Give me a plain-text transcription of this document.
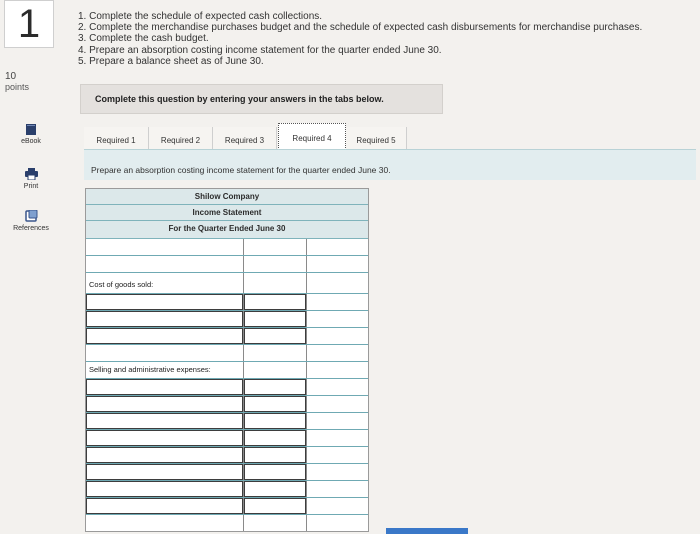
1
10
points
eBook
Print
References
1. Complete the schedule of expected cash collections.
2. Complete the merchandise purchases budget and the schedule of expected cash disbursements for merchandise purchases.
3. Complete the cash budget.
4. Prepare an absorption costing income statement for the quarter ended June 30.
5. Prepare a balance sheet as of June 30.
Complete this question by entering your answers in the tabs below.
Required 1	Required 2	Required 3	Required 4	Required 5
Prepare an absorption costing income statement for the quarter ended June 30.
Shilow Company
Income Statement
For the Quarter Ended June 30
Cost of goods sold:
Selling and administrative expenses:
